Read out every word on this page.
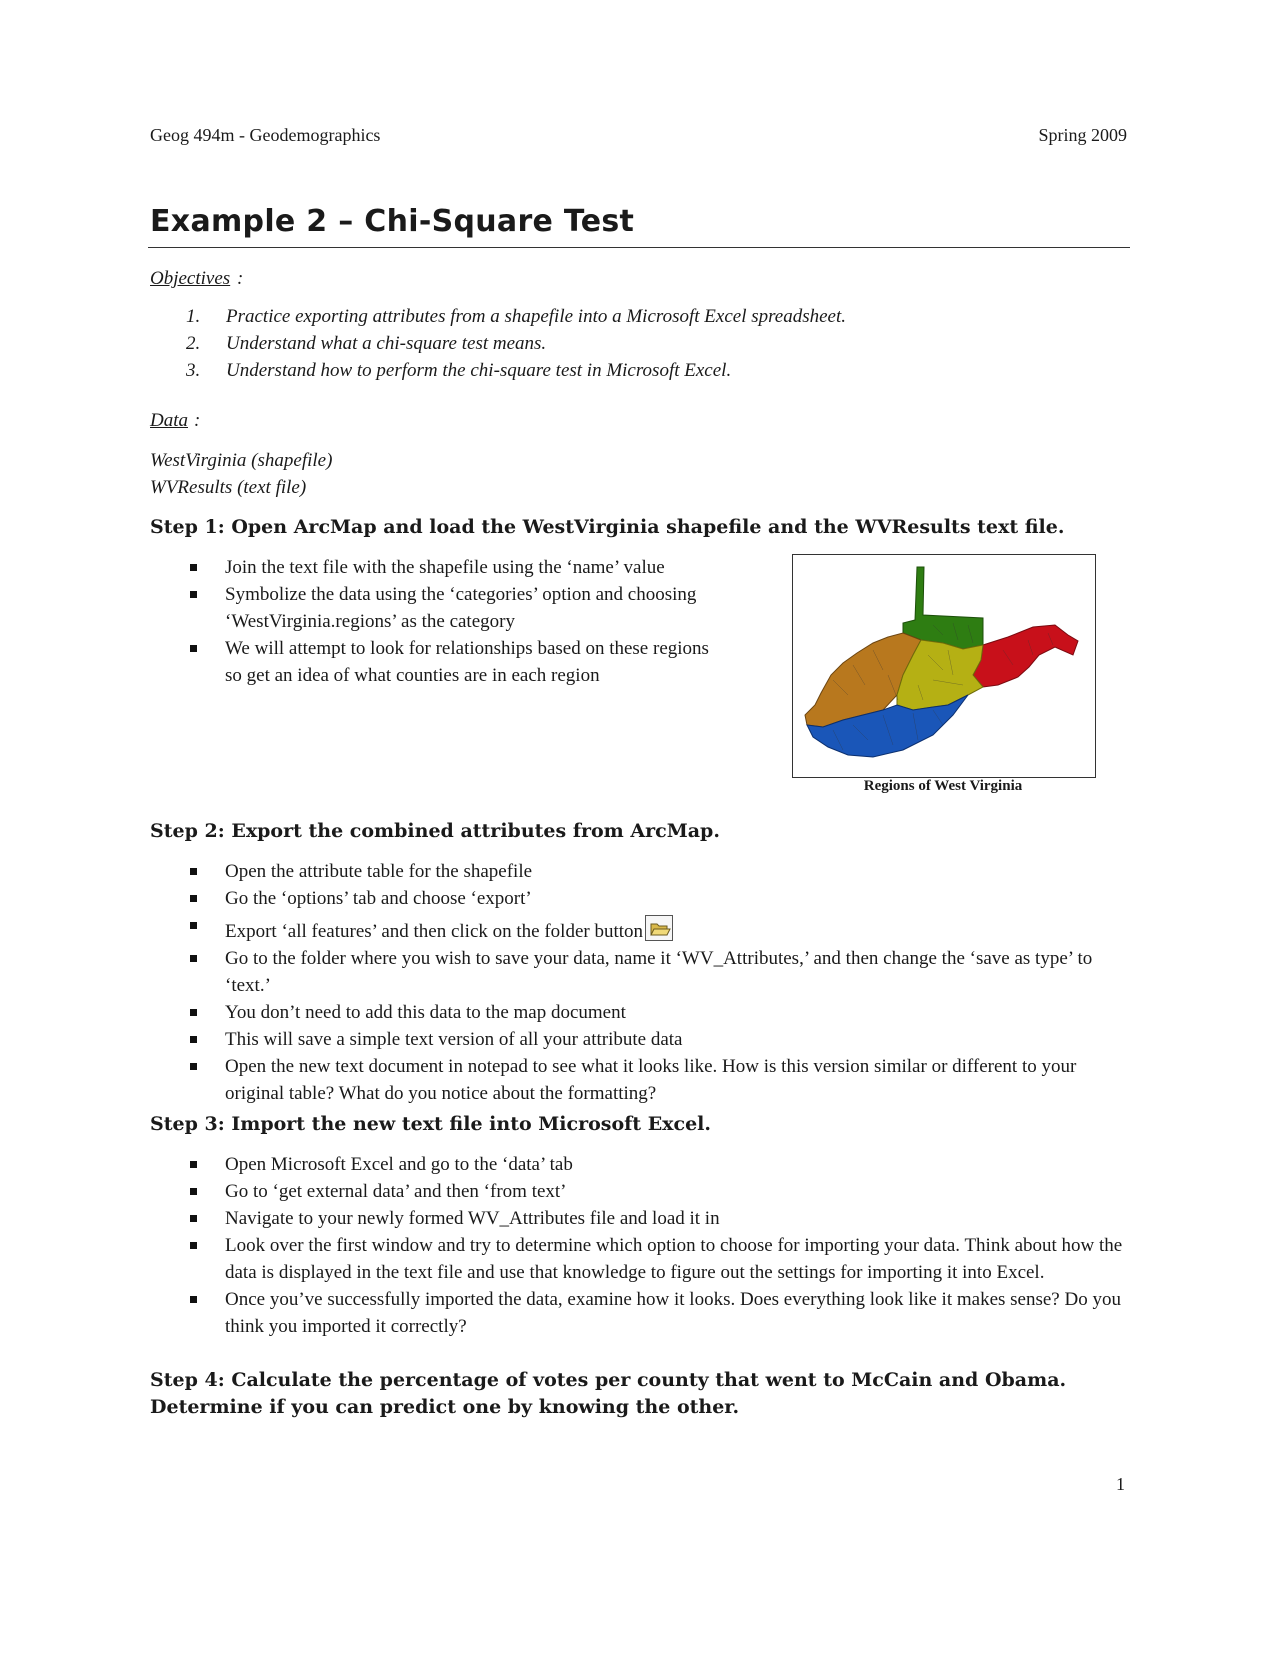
Geog 494m - Geodemographics	Spring 2009
Example 2 – Chi-Square Test
Objectives :
1. Practice exporting attributes from a shapefile into a Microsoft Excel spreadsheet.
2. Understand what a chi-square test means.
3. Understand how to perform the chi-square test in Microsoft Excel.
Data :
WestVirginia (shapefile)
WVResults (text file)
Step 1: Open ArcMap and load the WestVirginia shapefile and the WVResults text file.
Join the text file with the shapefile using the ‘name’ value
Symbolize the data using the ‘categories’ option and choosing ‘WestVirginia.regions’ as the category
We will attempt to look for relationships based on these regions so get an idea of what counties are in each region
Regions of West Virginia
Step 2: Export the combined attributes from ArcMap.
Open the attribute table for the shapefile
Go the ‘options’ tab and choose ‘export’
Export ‘all features’ and then click on the folder button
Go to the folder where you wish to save your data, name it ‘WV_Attributes,’ and then change the ‘save as type’ to ‘text.’
You don’t need to add this data to the map document
This will save a simple text version of all your attribute data
Open the new text document in notepad to see what it looks like. How is this version similar or different to your original table? What do you notice about the formatting?
Step 3: Import the new text file into Microsoft Excel.
Open Microsoft Excel and go to the ‘data’ tab
Go to ‘get external data’ and then ‘from text’
Navigate to your newly formed WV_Attributes file and load it in
Look over the first window and try to determine which option to choose for importing your data. Think about how the data is displayed in the text file and use that knowledge to figure out the settings for importing it into Excel.
Once you’ve successfully imported the data, examine how it looks. Does everything look like it makes sense? Do you think you imported it correctly?
Step 4: Calculate the percentage of votes per county that went to McCain and Obama.
Determine if you can predict one by knowing the other.
1
